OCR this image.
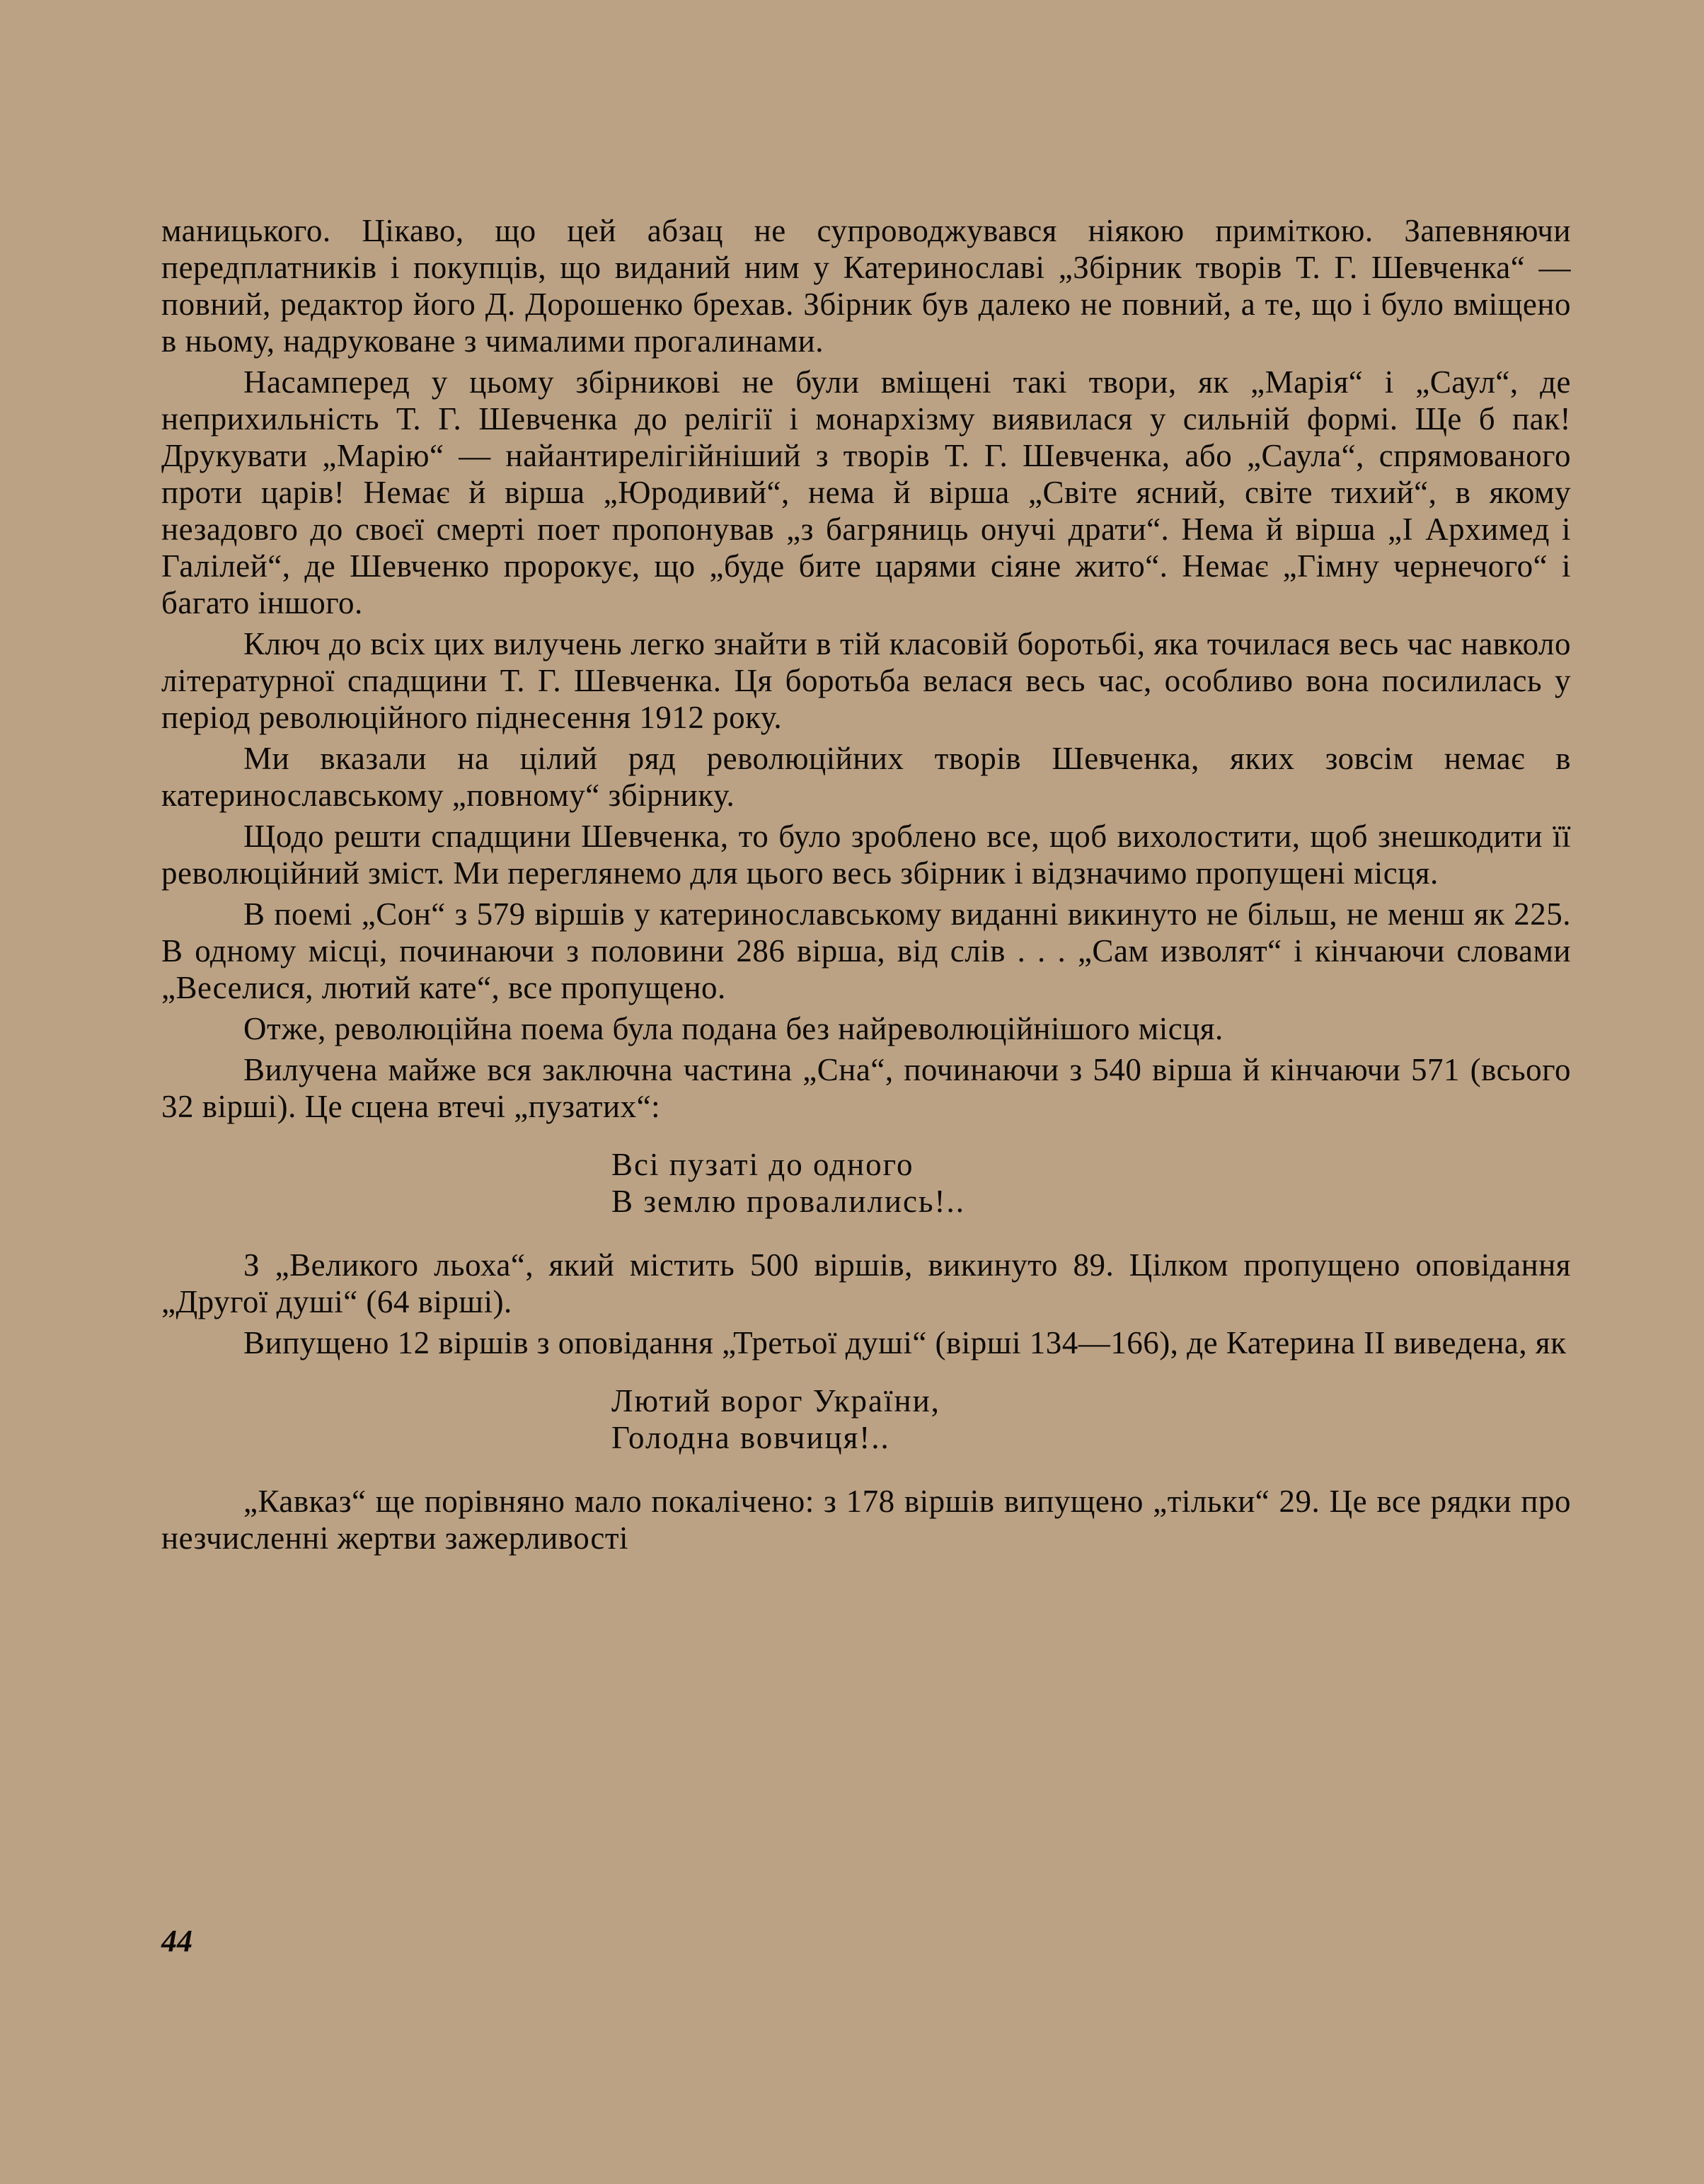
маницького. Цікаво, що цей абзац не супроводжувався ніякою приміткою. Запевняючи передплатників і покупців, що виданий ним у Катеринославі „Збірник творів Т. Г. Шевченка“ — повний, редактор його Д. Дорошенко брехав. Збірник був далеко не повний, а те, що і було вміщено в ньому, надруковане з чималими прогалинами.

Насамперед у цьому збірникові не були вміщені такі твори, як „Марія“ і „Саул“, де неприхильність Т. Г. Шевченка до релігії і монархізму виявилася у сильній формі. Ще б пак! Друкувати „Марію“ — найантирелігійніший з творів Т. Г. Шевченка, або „Саула“, спрямованого проти царів! Немає й вірша „Юродивий“, нема й вірша „Світе ясний, світе тихий“, в якому незадовго до своєї смерті поет пропонував „з багряниць онучі драти“. Нема й вірша „І Архимед і Галілей“, де Шевченко пророкує, що „буде бите царями сіяне жито“. Немає „Гімну чернечого“ і багато іншого.

Ключ до всіх цих вилучень легко знайти в тій класовій боротьбі, яка точилася весь час навколо літературної спадщини Т. Г. Шевченка. Ця боротьба велася весь час, особливо вона посилилась у період революційного піднесення 1912 року.

Ми вказали на цілий ряд революційних творів Шевченка, яких зовсім немає в катеринославському „повному“ збірнику.

Щодо решти спадщини Шевченка, то було зроблено все, щоб вихолостити, щоб знешкодити її революційний зміст. Ми переглянемо для цього весь збірник і відзначимо пропущені місця.

В поемі „Сон“ з 579 віршів у катеринославському виданні викинуто не більш, не менш як 225. В одному місці, починаючи з половини 286 вірша, від слів . . . „Сам изволят“ і кінчаючи словами „Веселися, лютий кате“, все пропущено.

Отже, революційна поема була подана без найреволюційнішого місця.

Вилучена майже вся заключна частина „Сна“, починаючи з 540 вірша й кінчаючи 571 (всього 32 вірші). Це сцена втечі „пузатих“:

Всі пузаті до одного
В землю провалились!..

З „Великого льоха“, який містить 500 віршів, викинуто 89. Цілком пропущено оповідання „Другої душі“ (64 вірші).

Випущено 12 віршів з оповідання „Третьої душі“ (вірші 134—166), де Катерина II виведена, як

Лютий ворог України,
Голодна вовчиця!..

„Кавказ“ ще порівняно мало покалічено: з 178 віршів випущено „тільки“ 29. Це все рядки про незчисленні жертви зажерливості

44
